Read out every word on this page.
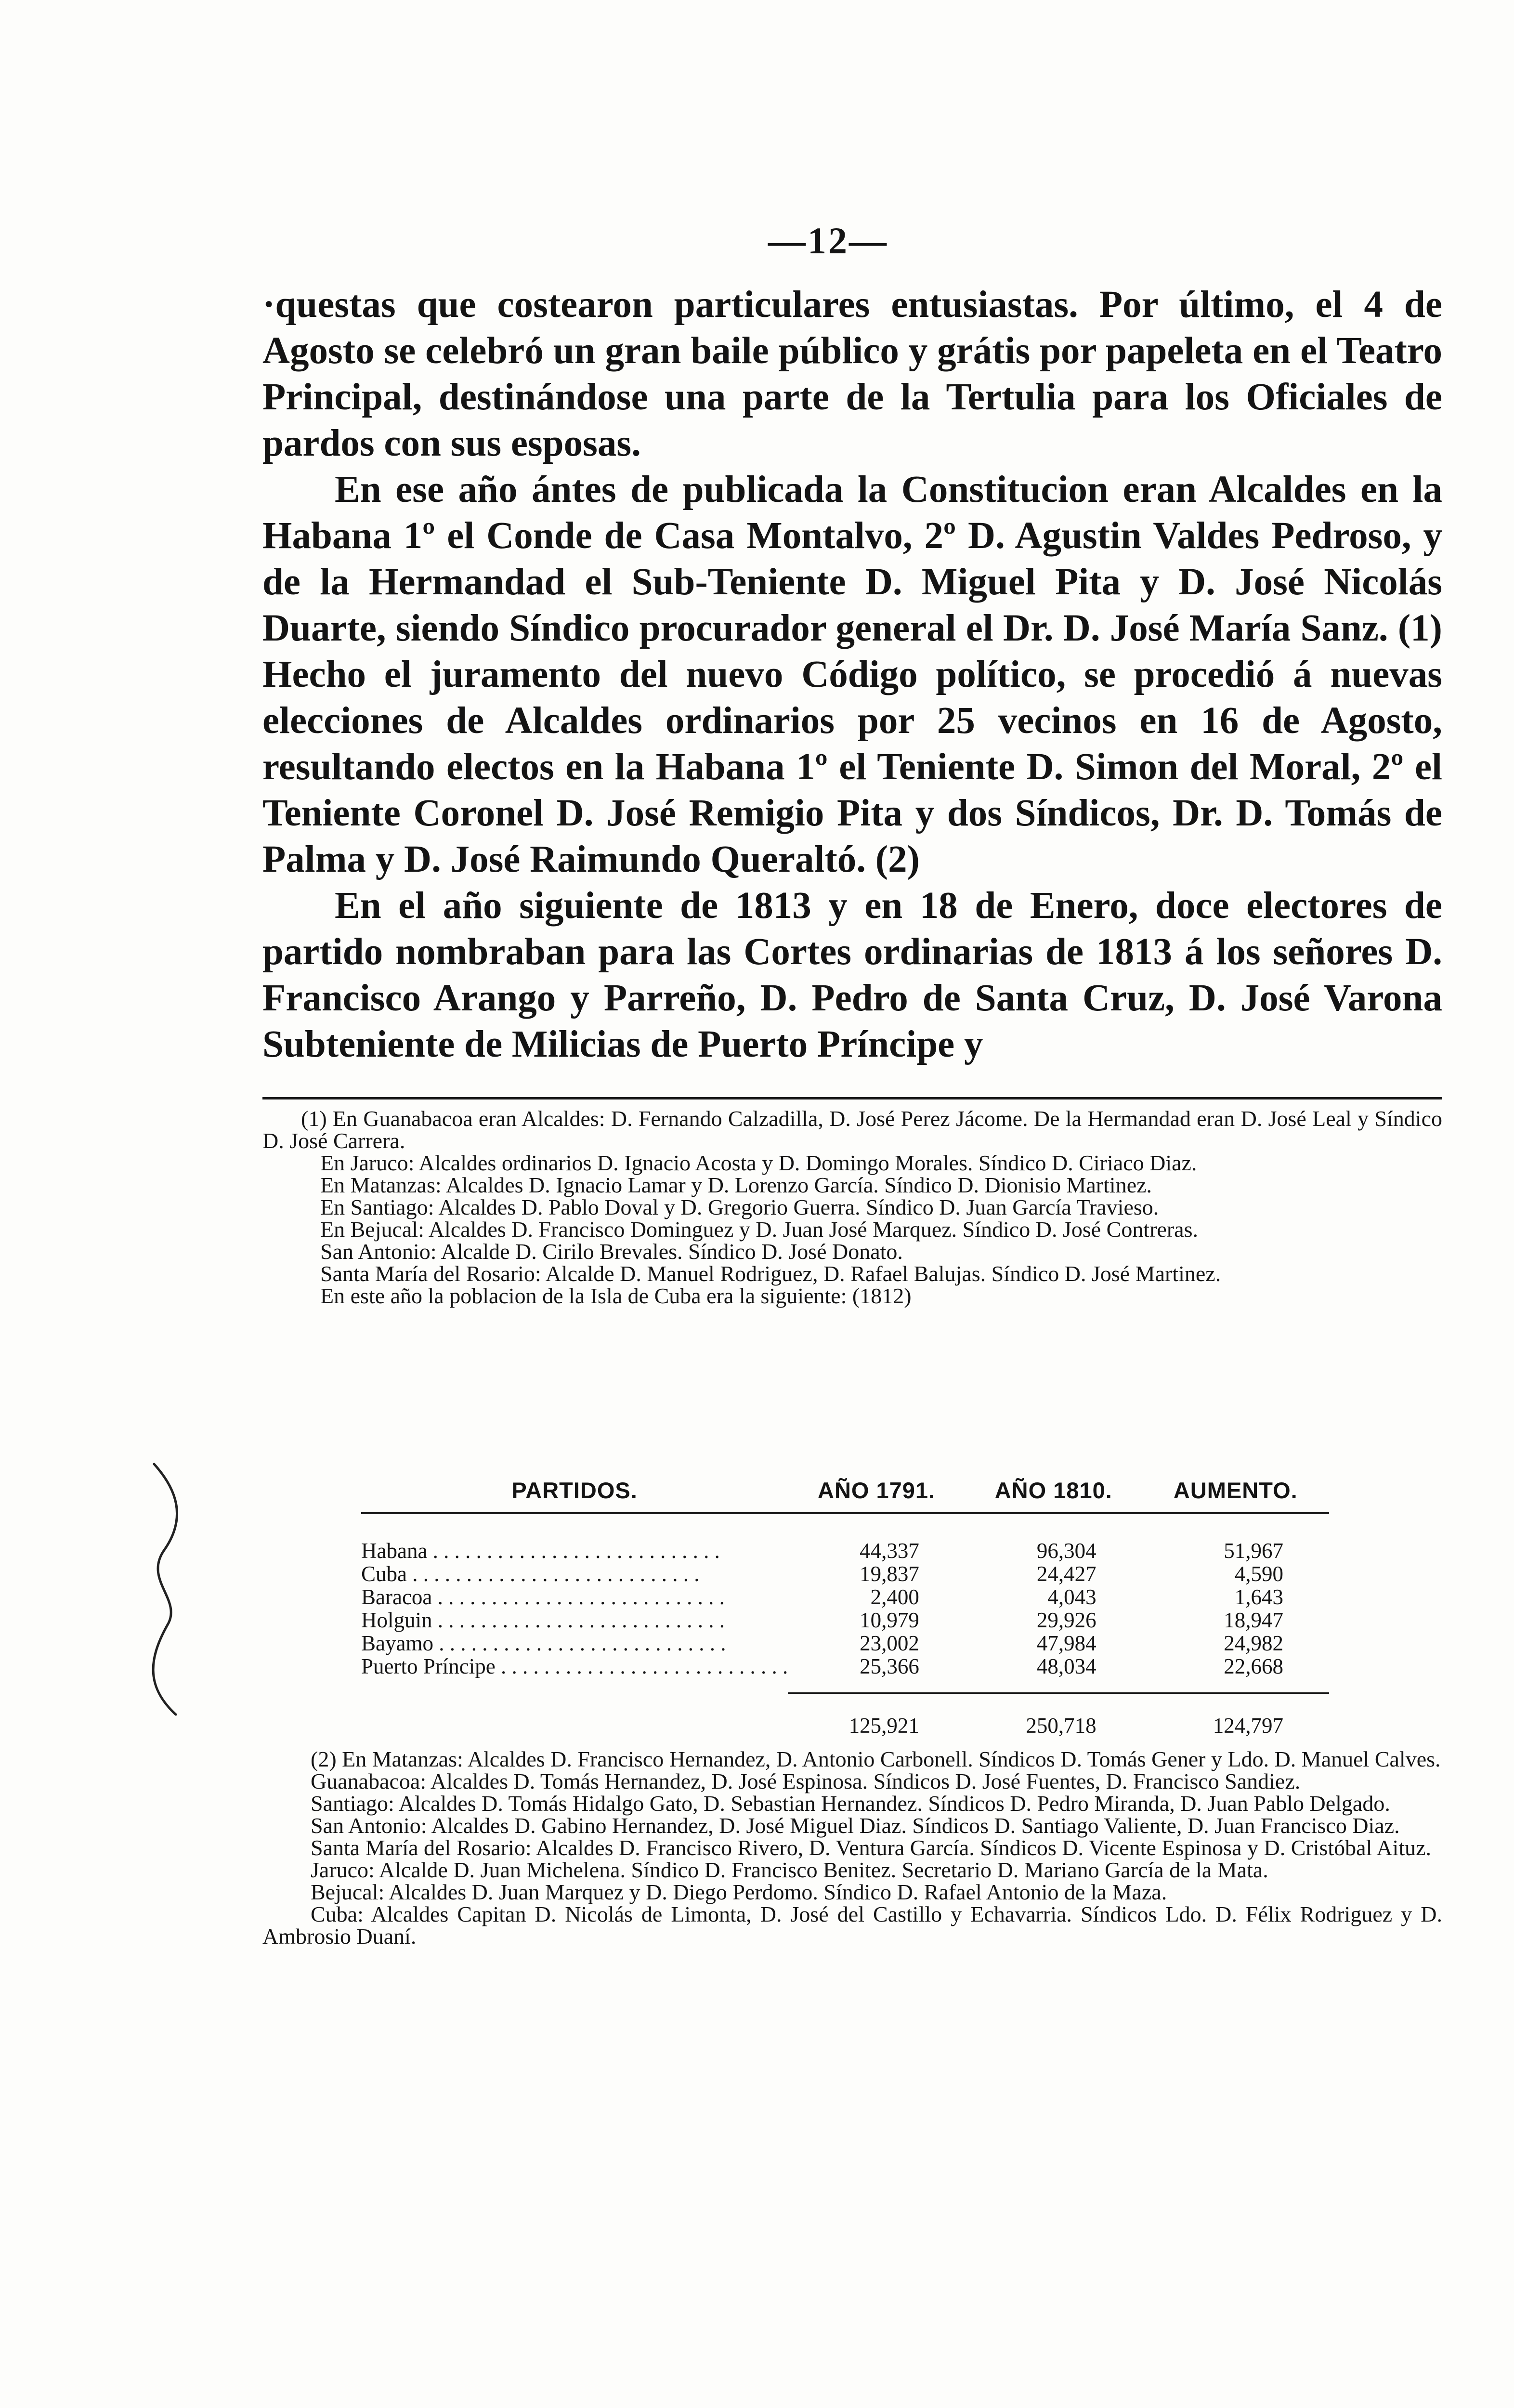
—12—

·questas que costearon particulares entusiastas. Por último, el 4 de Agosto se celebró un gran baile público y grátis por papeleta en el Teatro Principal, destinándose una parte de la Tertulia para los Oficiales de pardos con sus esposas.

En ese año ántes de publicada la Constitucion eran Alcaldes en la Habana 1º el Conde de Casa Montalvo, 2º D. Agustin Valdes Pedroso, y de la Hermandad el Sub-Teniente D. Miguel Pita y D. José Nicolás Duarte, siendo Síndico procurador general el Dr. D. José María Sanz. (1) Hecho el juramento del nuevo Código político, se procedió á nuevas elecciones de Alcaldes ordinarios por 25 vecinos en 16 de Agosto, resultando electos en la Habana 1º el Teniente D. Simon del Moral, 2º el Teniente Coronel D. José Remigio Pita y dos Síndicos, Dr. D. Tomás de Palma y D. José Raimundo Queraltó. (2)

En el año siguiente de 1813 y en 18 de Enero, doce electores de partido nombraban para las Cortes ordinarias de 1813 á los señores D. Francisco Arango y Parreño, D. Pedro de Santa Cruz, D. José Varona Subteniente de Milicias de Puerto Príncipe y

(1) En Guanabacoa eran Alcaldes: D. Fernando Calzadilla, D. José Perez Jácome. De la Hermandad eran D. José Leal y Síndico D. José Carrera.

En Jaruco: Alcaldes ordinarios D. Ignacio Acosta y D. Domingo Morales. Síndico D. Ciriaco Diaz.

En Matanzas: Alcaldes D. Ignacio Lamar y D. Lorenzo García. Síndico D. Dionisio Martinez.

En Santiago: Alcaldes D. Pablo Doval y D. Gregorio Guerra. Síndico D. Juan García Travieso.

En Bejucal: Alcaldes D. Francisco Dominguez y D. Juan José Marquez. Síndico D. José Contreras.

San Antonio: Alcalde D. Cirilo Brevales. Síndico D. José Donato.

Santa María del Rosario: Alcalde D. Manuel Rodriguez, D. Rafael Balujas. Síndico D. José Martinez.

En este año la poblacion de la Isla de Cuba era la siguiente: (1812)

PARTIDOS.	AÑO 1791.	AÑO 1810.	AUMENTO.

Habana . . .	44,337	96,304	51,967
Cuba . . .	19,837	24,427	4,590
Baracoa . . .	2,400	4,043	1,643
Holguin . . .	10,979	29,926	18,947
Bayamo . . .	23,002	47,984	24,982
Puerto Príncipe . . .	25,366	48,034	22,668

	125,921	250,718	124,797

(2) En Matanzas: Alcaldes D. Francisco Hernandez, D. Antonio Carbonell. Síndicos D. Tomás Gener y Ldo. D. Manuel Calves.

Guanabacoa: Alcaldes D. Tomás Hernandez, D. José Espinosa. Síndicos D. José Fuentes, D. Francisco Sandiez.

Santiago: Alcaldes D. Tomás Hidalgo Gato, D. Sebastian Hernandez. Síndicos D. Pedro Miranda, D. Juan Pablo Delgado.

San Antonio: Alcaldes D. Gabino Hernandez, D. José Miguel Diaz. Síndicos D. Santiago Valiente, D. Juan Francisco Diaz.

Santa María del Rosario: Alcaldes D. Francisco Rivero, D. Ventura García. Síndicos D. Vicente Espinosa y D. Cristóbal Aituz.

Jaruco: Alcalde D. Juan Michelena. Síndico D. Francisco Benitez. Secretario D. Mariano García de la Mata.

Bejucal: Alcaldes D. Juan Marquez y D. Diego Perdomo. Síndico D. Rafael Antonio de la Maza.

Cuba: Alcaldes Capitan D. Nicolás de Limonta, D. José del Castillo y Echavarria. Síndicos Ldo. D. Félix Rodriguez y D. Ambrosio Duaní.
